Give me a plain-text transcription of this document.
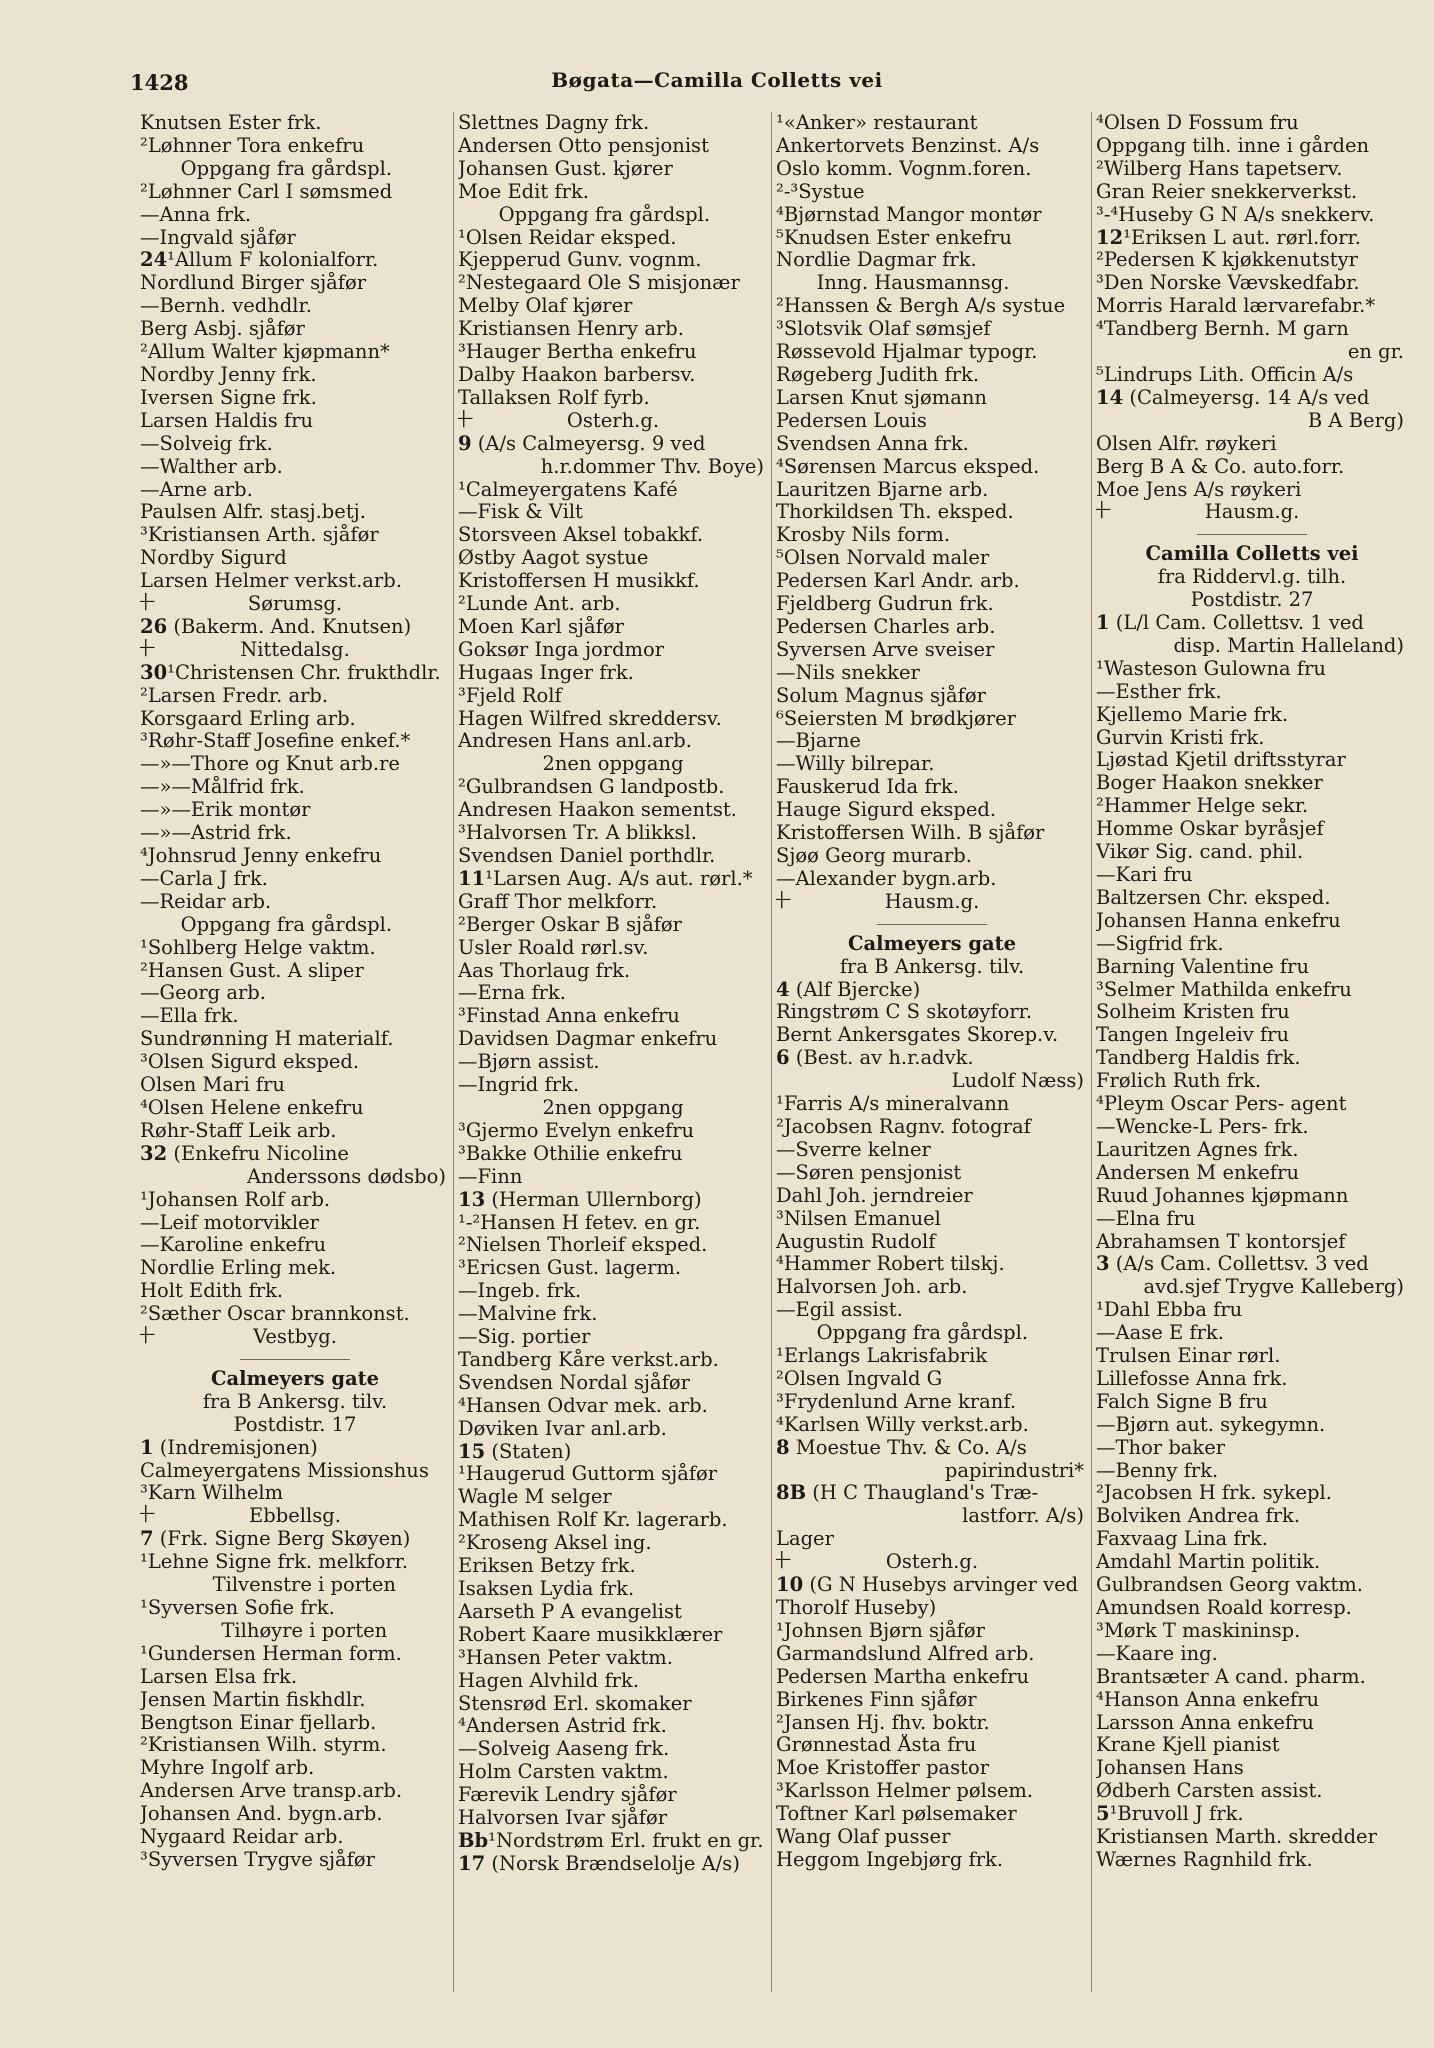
1428	Bøgata—Camilla Colletts vei
Knutsen Ester frk.
²Løhnner Tora enkefru
Oppgang fra gårdspl.
²Løhnner Carl I sømsmed
—Anna frk.
—Ingvald sjåfør
24¹Allum F kolonialforr.
Nordlund Birger sjåfør
—Bernh. vedhdlr.
Berg Asbj. sjåfør
²Allum Walter kjøpmann*
Nordby Jenny frk.
Iversen Signe frk.
Larsen Haldis fru
—Solveig frk.
—Walther arb.
—Arne arb.
Paulsen Alfr. stasj.betj.
³Kristiansen Arth. sjåfør
Nordby Sigurd
Larsen Helmer verkst.arb.
+ Sørumsg.
26 (Bakerm. And. Knutsen)
+ Nittedalsg.
30¹Christensen Chr. frukthdlr.
²Larsen Fredr. arb.
Korsgaard Erling arb.
³Røhr-Staff Josefine enkef.*
—»—Thore og Knut arb.re
—»—Målfrid frk.
—»—Erik montør
—»—Astrid frk.
⁴Johnsrud Jenny enkefru
—Carla J frk.
—Reidar arb.
Oppgang fra gårdspl.
¹Sohlberg Helge vaktm.
²Hansen Gust. A sliper
—Georg arb.
—Ella frk.
Sundrønning H materialf.
³Olsen Sigurd eksped.
Olsen Mari fru
⁴Olsen Helene enkefru
Røhr-Staff Leik arb.
32 (Enkefru Nicoline
Anderssons dødsbo)
¹Johansen Rolf arb.
—Leif motorvikler
—Karoline enkefru
Nordlie Erling mek.
Holt Edith frk.
²Sæther Oscar brannkonst.
+ Vestbyg.
Calmeyers gate
fra B Ankersg. tilv.
Postdistr. 17
1 (Indremisjonen)
Calmeyergatens Missionshus
³Karn Wilhelm
+ Ebbellsg.
7 (Frk. Signe Berg Skøyen)
¹Lehne Signe frk. melkforr.
Tilvenstre i porten
¹Syversen Sofie frk.
Tilhøyre i porten
¹Gundersen Herman form.
Larsen Elsa frk.
Jensen Martin fiskhdlr.
Bengtson Einar fjellarb.
²Kristiansen Wilh. styrm.
Myhre Ingolf arb.
Andersen Arve transp.arb.
Johansen And. bygn.arb.
Nygaard Reidar arb.
³Syversen Trygve sjåfør
Slettnes Dagny frk.
Andersen Otto pensjonist
Johansen Gust. kjører
Moe Edit frk.
Oppgang fra gårdspl.
¹Olsen Reidar eksped.
Kjepperud Gunv. vognm.
²Nestegaard Ole S misjonær
Melby Olaf kjører
Kristiansen Henry arb.
³Hauger Bertha enkefru
Dalby Haakon barbersv.
Tallaksen Rolf fyrb.
+ Osterh.g.
9 (A/s Calmeyersg. 9 ved
h.r.dommer Thv. Boye)
¹Calmeyergatens Kafé
—Fisk & Vilt
Storsveen Aksel tobakkf.
Østby Aagot systue
Kristoffersen H musikkf.
²Lunde Ant. arb.
Moen Karl sjåfør
Goksør Inga jordmor
Hugaas Inger frk.
³Fjeld Rolf
Hagen Wilfred skreddersv.
Andresen Hans anl.arb.
2nen oppgang
²Gulbrandsen G landpostb.
Andresen Haakon sementst.
³Halvorsen Tr. A blikksl.
Svendsen Daniel porthdlr.
11¹Larsen Aug. A/s aut. rørl.*
Graff Thor melkforr.
²Berger Oskar B sjåfør
Usler Roald rørl.sv.
Aas Thorlaug frk.
—Erna frk.
³Finstad Anna enkefru
Davidsen Dagmar enkefru
—Bjørn assist.
—Ingrid frk.
2nen oppgang
³Gjermo Evelyn enkefru
³Bakke Othilie enkefru
—Finn
13 (Herman Ullernborg)
¹-²Hansen H fetev. en gr.
²Nielsen Thorleif eksped.
³Ericsen Gust. lagerm.
—Ingeb. frk.
—Malvine frk.
—Sig. portier
Tandberg Kåre verkst.arb.
Svendsen Nordal sjåfør
⁴Hansen Odvar mek. arb.
Døviken Ivar anl.arb.
15 (Staten)
¹Haugerud Guttorm sjåfør
Wagle M selger
Mathisen Rolf Kr. lagerarb.
²Kroseng Aksel ing.
Eriksen Betzy frk.
Isaksen Lydia frk.
Aarseth P A evangelist
Robert Kaare musikklærer
³Hansen Peter vaktm.
Hagen Alvhild frk.
Stensrød Erl. skomaker
⁴Andersen Astrid frk.
—Solveig Aaseng frk.
Holm Carsten vaktm.
Færevik Lendry sjåfør
Halvorsen Ivar sjåfør
Bb¹Nordstrøm Erl. frukt en gr.
17 (Norsk Brændselolje A/s)
¹«Anker» restaurant
Ankertorvets Benzinst. A/s
Oslo komm. Vognm.foren.
²-³Systue
⁴Bjørnstad Mangor montør
⁵Knudsen Ester enkefru
Nordlie Dagmar frk.
Inng. Hausmannsg.
²Hanssen & Bergh A/s systue
³Slotsvik Olaf sømsjef
Røssevold Hjalmar typogr.
Røgeberg Judith frk.
Larsen Knut sjømann
Pedersen Louis
Svendsen Anna frk.
⁴Sørensen Marcus eksped.
Lauritzen Bjarne arb.
Thorkildsen Th. eksped.
Krosby Nils form.
⁵Olsen Norvald maler
Pedersen Karl Andr. arb.
Fjeldberg Gudrun frk.
Pedersen Charles arb.
Syversen Arve sveiser
—Nils snekker
Solum Magnus sjåfør
⁶Seiersten M brødkjører
—Bjarne
—Willy bilrepar.
Fauskerud Ida frk.
Hauge Sigurd eksped.
Kristoffersen Wilh. B sjåfør
Sjøø Georg murarb.
—Alexander bygn.arb.
+ Hausm.g.
Calmeyers gate
fra B Ankersg. tilv.
4 (Alf Bjercke)
Ringstrøm C S skotøyforr.
Bernt Ankersgates Skorep.v.
6 (Best. av h.r.advk.
Ludolf Næss)
¹Farris A/s mineralvann
²Jacobsen Ragnv. fotograf
—Sverre kelner
—Søren pensjonist
Dahl Joh. jerndreier
³Nilsen Emanuel
Augustin Rudolf
⁴Hammer Robert tilskj.
Halvorsen Joh. arb.
—Egil assist.
Oppgang fra gårdspl.
¹Erlangs Lakrisfabrik
²Olsen Ingvald G
³Frydenlund Arne kranf.
⁴Karlsen Willy verkst.arb.
8 Moestue Thv. & Co. A/s
papirindustri*
8B (H C Thaugland's Træ-
lastforr. A/s)
Lager
+ Osterh.g.
10 (G N Husebys arvinger ved
Thorolf Huseby)
¹Johnsen Bjørn sjåfør
Garmandslund Alfred arb.
Pedersen Martha enkefru
Birkenes Finn sjåfør
²Jansen Hj. fhv. boktr.
Grønnestad Åsta fru
Moe Kristoffer pastor
³Karlsson Helmer pølsem.
Toftner Karl pølsemaker
Wang Olaf pusser
Heggom Ingebjørg frk.
⁴Olsen D Fossum fru
Oppgang tilh. inne i gården
²Wilberg Hans tapetserv.
Gran Reier snekkerverkst.
³-⁴Huseby G N A/s snekkerv.
12¹Eriksen L aut. rørl.forr.
²Pedersen K kjøkkenutstyr
³Den Norske Vævskedfabr.
Morris Harald lærvarefabr.*
⁴Tandberg Bernh. M garn
en gr.
⁵Lindrups Lith. Officin A/s
14 (Calmeyersg. 14 A/s ved
B A Berg)
Olsen Alfr. røykeri
Berg B A & Co. auto.forr.
Moe Jens A/s røykeri
+ Hausm.g.
Camilla Colletts vei
fra Riddervl.g. tilh.
Postdistr. 27
1 (L/l Cam. Collettsv. 1 ved
disp. Martin Halleland)
¹Wasteson Gulowna fru
—Esther frk.
Kjellemo Marie frk.
Gurvin Kristi frk.
Ljøstad Kjetil driftsstyrar
Boger Haakon snekker
²Hammer Helge sekr.
Homme Oskar byråsjef
Vikør Sig. cand. phil.
—Kari fru
Baltzersen Chr. eksped.
Johansen Hanna enkefru
—Sigfrid frk.
Barning Valentine fru
³Selmer Mathilda enkefru
Solheim Kristen fru
Tangen Ingeleiv fru
Tandberg Haldis frk.
Frølich Ruth frk.
⁴Pleym Oscar Pers- agent
—Wencke-L Pers- frk.
Lauritzen Agnes frk.
Andersen M enkefru
Ruud Johannes kjøpmann
—Elna fru
Abrahamsen T kontorsjef
3 (A/s Cam. Collettsv. 3 ved
avd.sjef Trygve Kalleberg)
¹Dahl Ebba fru
—Aase E frk.
Trulsen Einar rørl.
Lillefosse Anna frk.
Falch Signe B fru
—Bjørn aut. sykegymn.
—Thor baker
—Benny frk.
²Jacobsen H frk. sykepl.
Bolviken Andrea frk.
Faxvaag Lina frk.
Amdahl Martin politik.
Gulbrandsen Georg vaktm.
Amundsen Roald korresp.
³Mørk T maskininsp.
—Kaare ing.
Brantsæter A cand. pharm.
⁴Hanson Anna enkefru
Larsson Anna enkefru
Krane Kjell pianist
Johansen Hans
Ødberh Carsten assist.
5¹Bruvoll J frk.
Kristiansen Marth. skredder
Wærnes Ragnhild frk.
